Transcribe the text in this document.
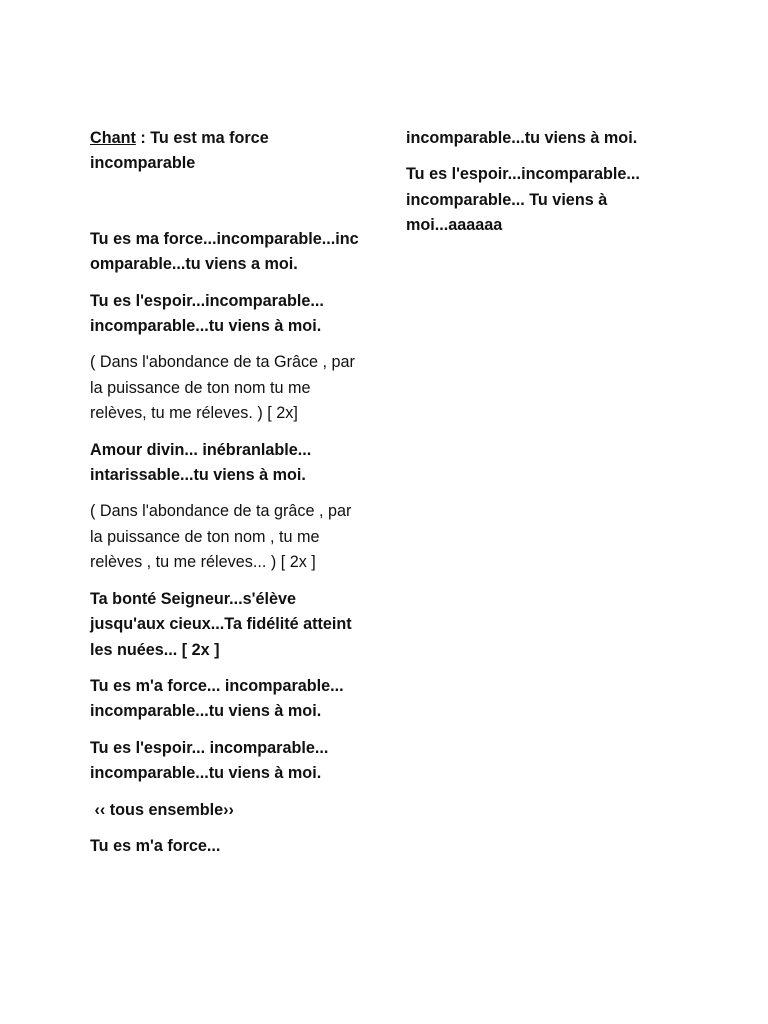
Chant : Tu est ma force incomparable

Tu es ma force...incomparable...incomparable...tu viens a moi.

Tu es l'espoir...incomparable... incomparable...tu viens à moi.

( Dans l'abondance de ta Grâce , par la puissance de ton nom tu me relèves, tu me réleves. ) [ 2x]

Amour divin... inébranlable... intarissable...tu viens à moi.

( Dans l'abondance de ta grâce , par la puissance de ton nom , tu me relèves , tu me réleves... ) [ 2x ]

Ta bonté Seigneur...s'élève jusqu'aux cieux...Ta fidélité atteint les nuées... [ 2x ]

Tu es m'a force... incomparable... incomparable...tu viens à moi.

Tu es l'espoir... incomparable... incomparable...tu viens à moi.

‹‹ tous ensemble››

Tu es m'a force...

incomparable...tu viens à moi.

Tu es l'espoir...incomparable... incomparable... Tu viens à moi...aaaaaa
